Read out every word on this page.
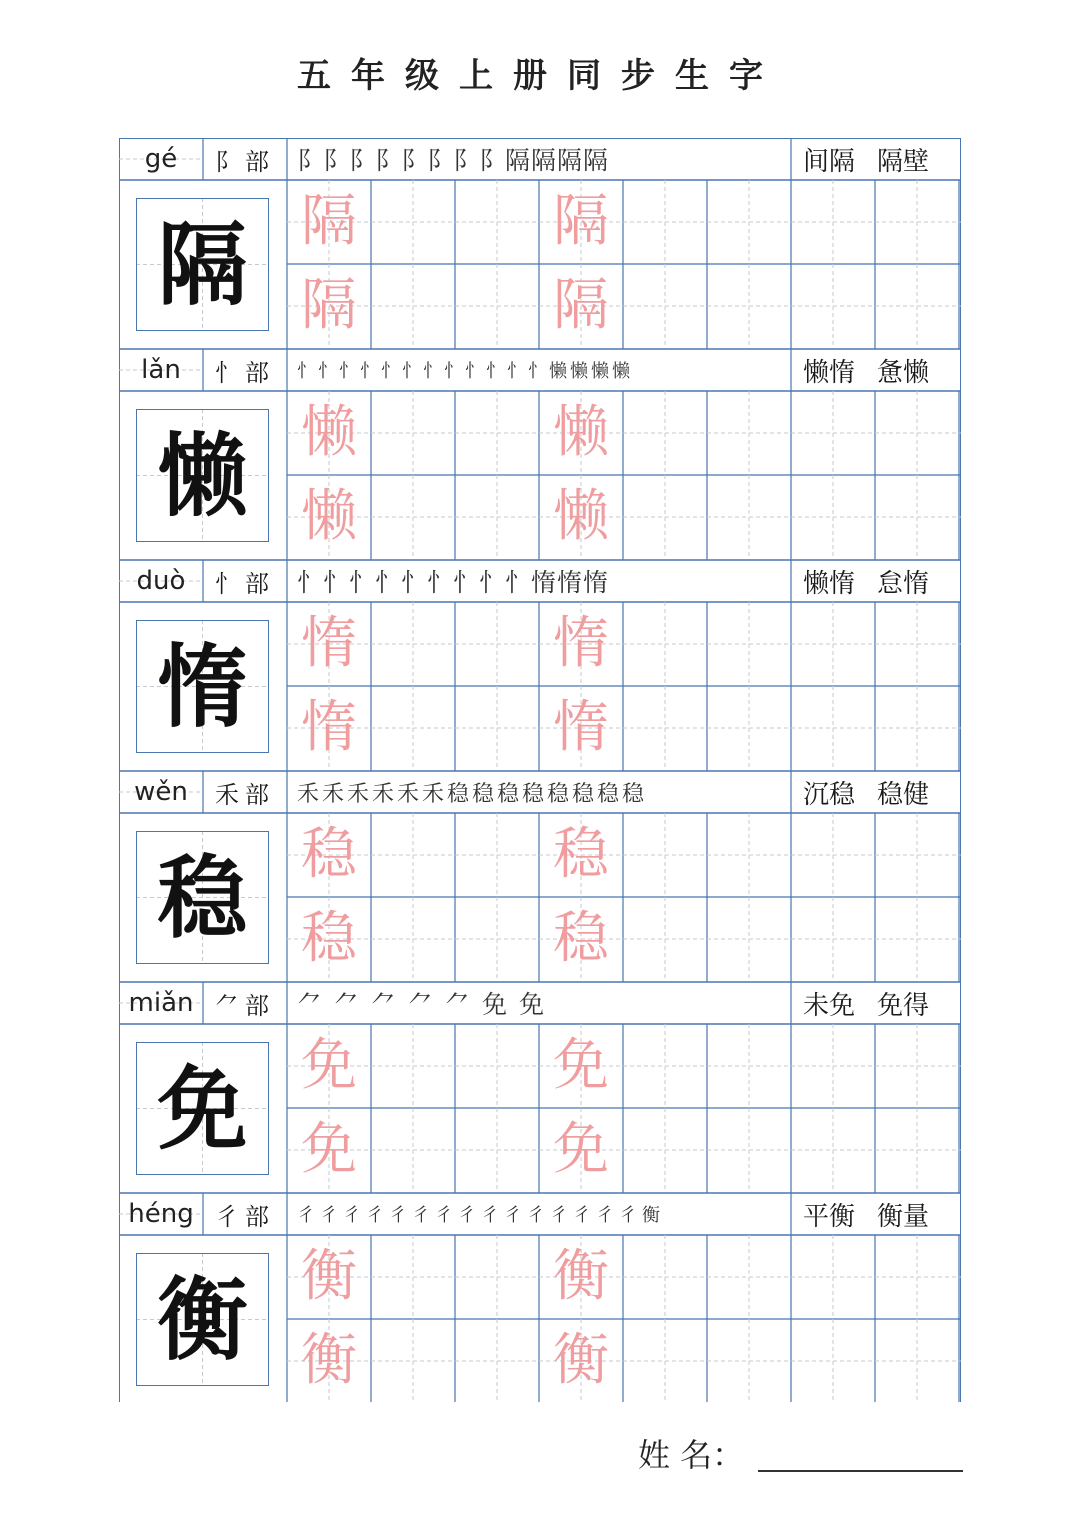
五年级上册同步生字
gé	阝部 阝阝阝阝阝阝阝阝隔隔隔隔	间隔 隔壁
隔 隔
隔
隔
隔
lǎn	忄部	忄忄忄忄忄忄忄忄忄忄忄忄懒懒懒懒	懒惰 惫懒
懒 懒
懒
懒
懒
duò	忄部 忄忄忄忄忄忄忄忄忄惰惰惰	懒惰 怠惰
惰 惰
惰
惰
惰
wěn	禾部	禾禾禾禾禾禾稳稳稳稳稳稳稳稳	沉稳 稳健
稳 稳
稳
稳
稳
miǎn ⺈部 ⺈⺈⺈⺈⺈免免	未免 免得
免 免
免
免
免
héng 彳部	彳彳彳彳彳彳彳彳彳彳彳彳彳彳彳衡	平衡 衡量
衡 衡
衡
衡
衡
姓 名：
